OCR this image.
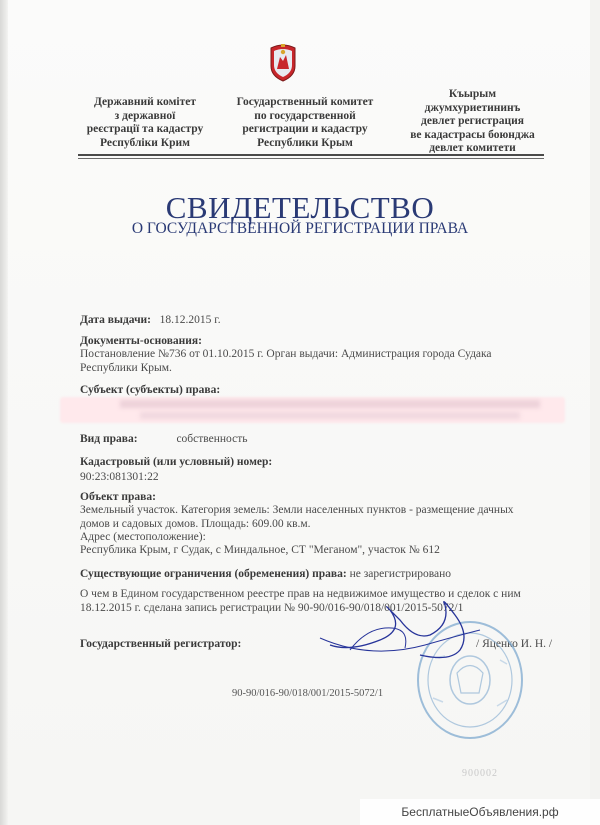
Державний комітет
з державної
реєстрації та кадастру
Республіки Крим
Государственный комитет
по государственной
регистрации и кадастру
Республики Крым
Къырым
джумхуриетининъ
девлет регистрация
ве кадастрасы боюнджа
девлет комитети
СВИДЕТЕЛЬСТВО
О ГОСУДАРСТВЕННОЙ РЕГИСТРАЦИИ ПРАВА
Дата выдачи: 18.12.2015 г.
Документы-основания:
Постановление №736 от 01.10.2015 г. Орган выдачи: Администрация города Судака Республики Крым.
Субъект (субъекты) права:
Вид права:	собственность
Кадастровый (или условный) номер:
90:23:081301:22
Объект права:
Земельный участок. Категория земель: Земли населенных пунктов - размещение дачных домов и садовых домов. Площадь: 609.00 кв.м.
Адрес (местоположение):
Республика Крым, г Судак, с Миндальное, СТ "Меганом", участок № 612
Существующие ограничения (обременения) права: не зарегистрировано
О чем в Едином государственном реестре прав на недвижимое имущество и сделок с ним 18.12.2015 г. сделана запись регистрации № 90-90/016-90/018/001/2015-5072/1
Государственный регистратор:	/ Яценко И. Н. /
90-90/016-90/018/001/2015-5072/1
900002
БесплатныеОбъявления.рф
